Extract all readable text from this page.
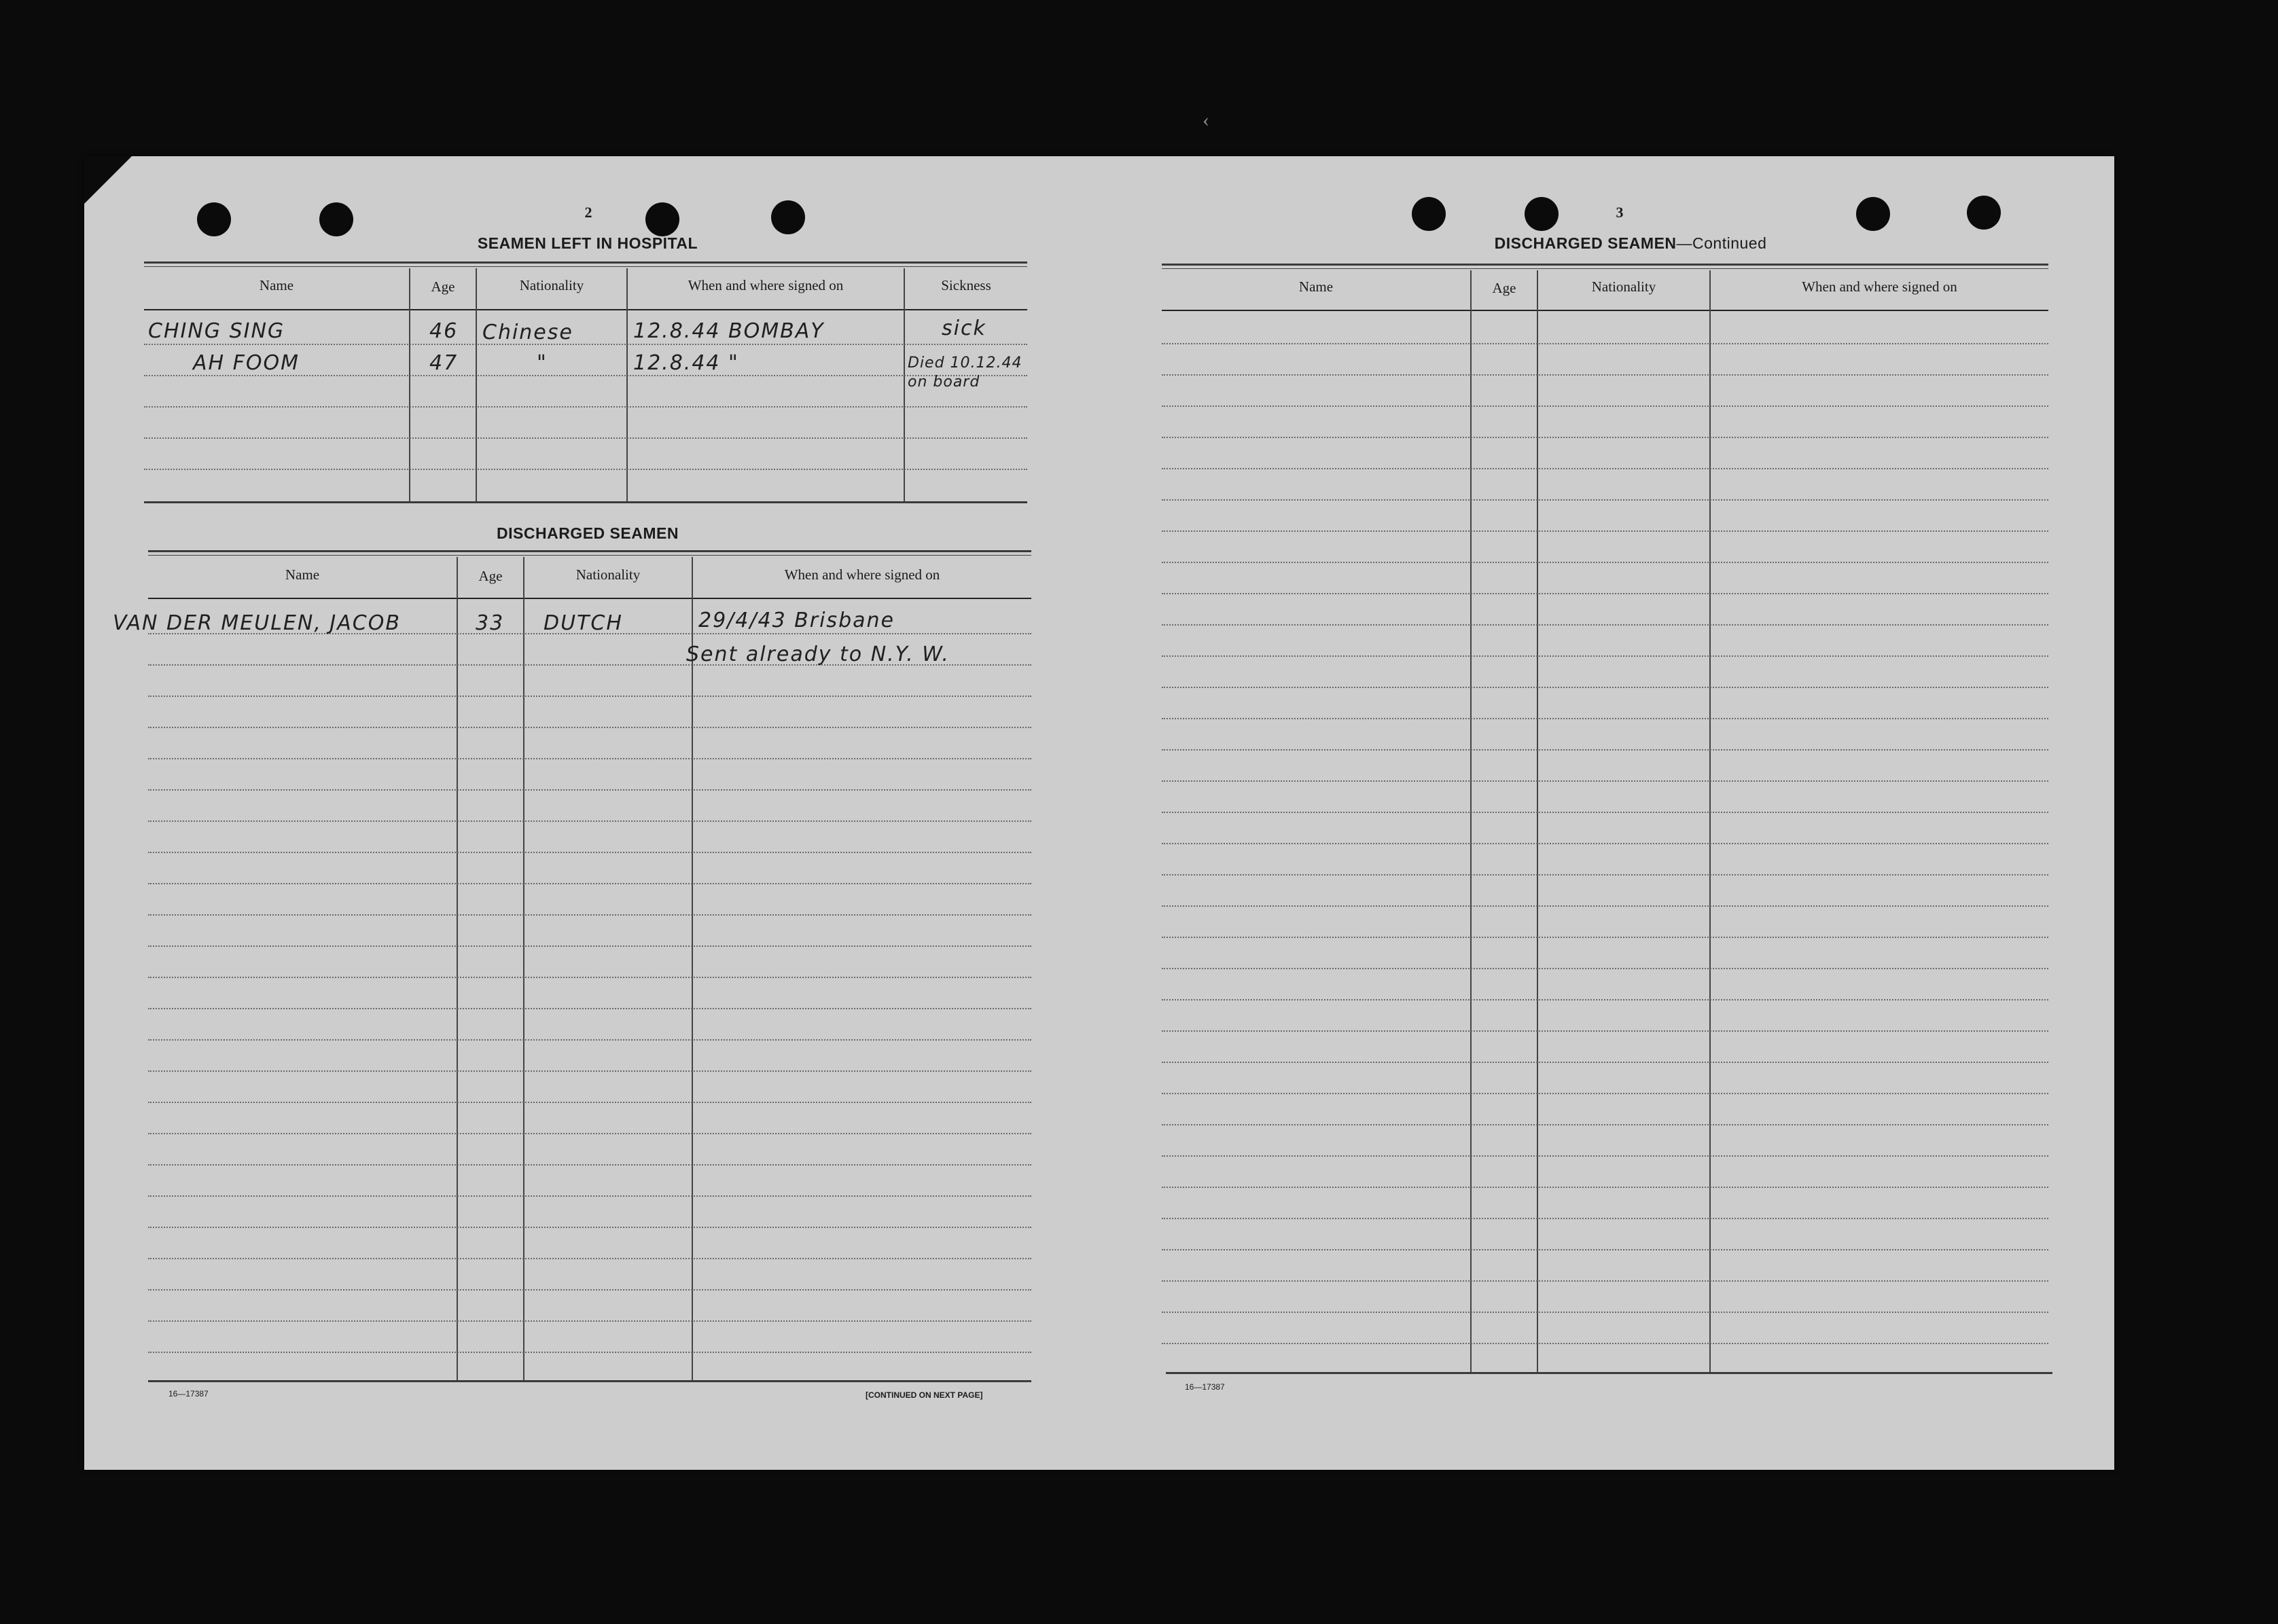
‹
2
SEAMEN LEFT IN HOSPITAL
Name	Age	Nationality	When and where signed on	Sickness
CHING SING	46 Chinese	12.8.44 BOMBAY	sick
AH FOOM	47	"	12.8.44 "	Died 10.12.44
on board
DISCHARGED SEAMEN
Name	Age	Nationality	When and where signed on
VAN DER MEULEN, JACOB	33 DUTCH	29/4/43 Brisbane
Sent already to N.Y. W.
16—17387	[CONTINUED ON NEXT PAGE]
3
DISCHARGED SEAMEN—Continued
Name	Age	Nationality	When and where signed on
16—17387
